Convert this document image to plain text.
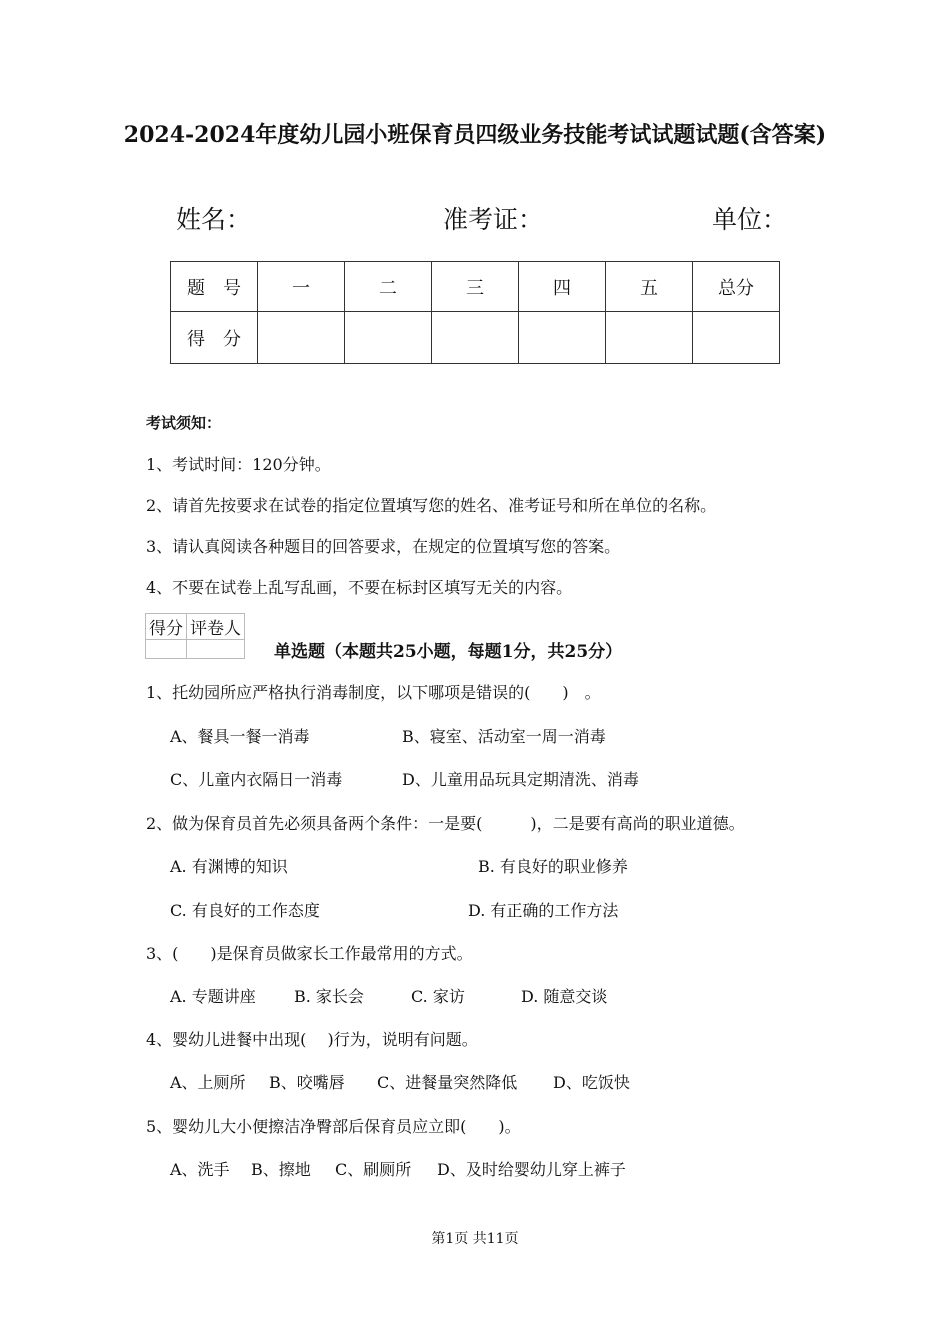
2024-2024年度幼儿园小班保育员四级业务技能考试试题试题(含答案)
姓名：	准考证：	单位：
题　号	一	二	三	四	五	总分
得　分						
考试须知：
1、考试时间：120分钟。
2、请首先按要求在试卷的指定位置填写您的姓名、准考证号和所在单位的名称。
3、请认真阅读各种题目的回答要求，在规定的位置填写您的答案。
4、不要在试卷上乱写乱画，不要在标封区填写无关的内容。
得分	评卷人

单选题（本题共25小题，每题1分，共25分）
1、托幼园所应严格执行消毒制度，以下哪项是错误的(　　)　。
A、餐具一餐一消毒	B、寝室、活动室一周一消毒
C、儿童内衣隔日一消毒	D、儿童用品玩具定期清洗、消毒
2、做为保育员首先必须具备两个条件：一是要(　　　)，二是要有高尚的职业道德。
A. 有渊博的知识	B. 有良好的职业修养
C. 有良好的工作态度	D. 有正确的工作方法
3、(　　)是保育员做家长工作最常用的方式。
A. 专题讲座 B. 家长会	C. 家访	D. 随意交谈
4、婴幼儿进餐中出现(　 )行为，说明有问题。
A、上厕所 B、咬嘴唇 C、进餐量突然降低 D、吃饭快
5、婴幼儿大小便擦洁净臀部后保育员应立即(　　)。
A、洗手 B、擦地 C、刷厕所 D、及时给婴幼儿穿上裤子
第1页 共11页
